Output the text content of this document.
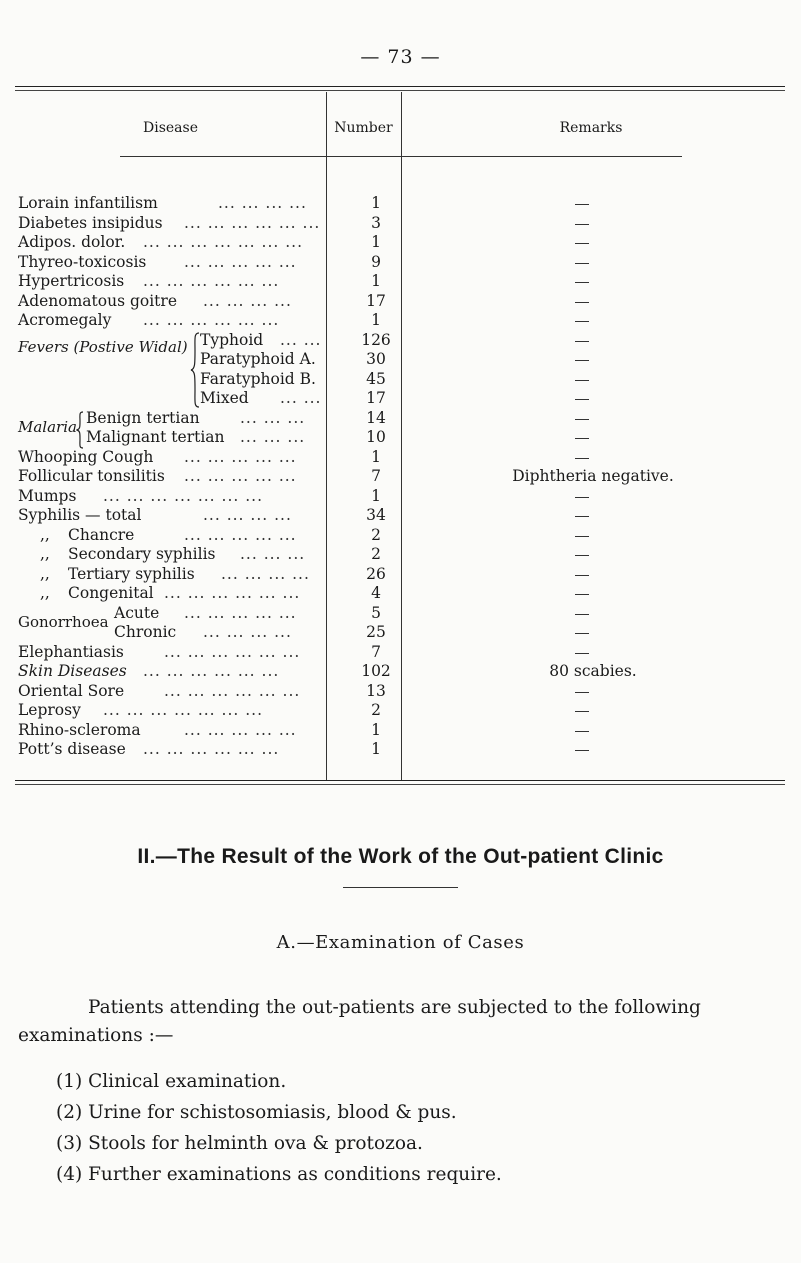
— 73 —
Disease	Number	Remarks
Lorain infantilism	... ... ... ...	1
Diabetes insipidus ... ... ... ... ... ...	3
Adipos. dolor. ... ... ... ... ... ... ...	1
Thyreo-toxicosis ... ... ... ... ...	9
Hypertricosis ... ... ... ... ... ...	1
Adenomatous goitre ... ... ... ...	17
Acromegaly ... ... ... ... ... ...	1
Fevers (Postive Widal) Typhoid ... ...	126
Paratyphoid A.	30
Faratyphoid B.	45
Mixed ... ...	17
Malaria
Benign tertian	... ... ...	14
Malignant tertian ... ... ...	10
Whooping Cough ... ... ... ... ...	1
Follicular tonsilitis ... ... ... ... ...	7	Diphtheria negative.
Mumps ... ... ... ... ... ... ...	1
Syphilis — total	... ... ... ...	34
,, Chancre	... ... ... ... ...	2
,, Secondary syphilis ... ... ...	2
,, Tertiary syphilis ... ... ... ...	26
,, Congenital ... ... ... ... ... ...	4
Gonorrhoea
Acute ... ... ... ... ...	5
Chronic ... ... ... ...	25
Elephantiasis	... ... ... ... ... ...	7
Skin Diseases ... ... ... ... ... ...	102	80 scabies.
Oriental Sore	... ... ... ... ... ...	13
Leprosy ... ... ... ... ... ... ...	2
Rhino-scleroma	... ... ... ... ...	1
Pott’s disease ... ... ... ... ... ...	1
II.—The Result of the Work of the Out-patient Clinic
A.—Examination of Cases
Patients attending the out-patients are subjected to the following examinations :—
(1) Clinical examination.
(2) Urine for schistosomiasis, blood & pus.
(3) Stools for helminth ova & protozoa.
(4) Further examinations as conditions require.
